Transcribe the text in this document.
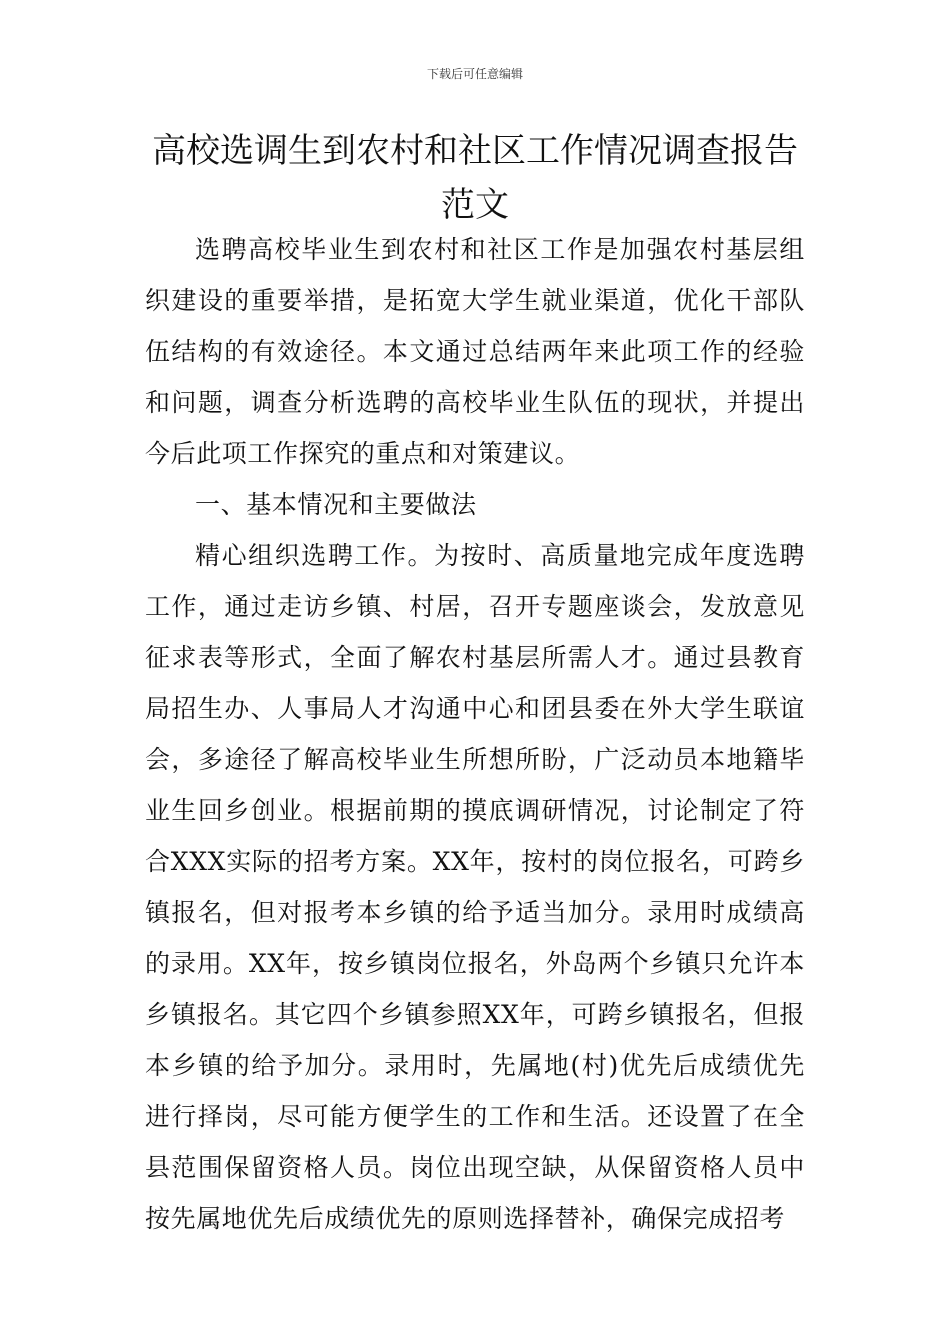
下载后可任意编辑
高校选调生到农村和社区工作情况调查报告范文

选聘高校毕业生到农村和社区工作是加强农村基层组织建设的重要举措，是拓宽大学生就业渠道，优化干部队伍结构的有效途径。本文通过总结两年来此项工作的经验和问题，调查分析选聘的高校毕业生队伍的现状，并提出今后此项工作探究的重点和对策建议。

一、基本情况和主要做法

精心组织选聘工作。为按时、高质量地完成年度选聘工作，通过走访乡镇、村居，召开专题座谈会，发放意见征求表等形式，全面了解农村基层所需人才。通过县教育局招生办、人事局人才沟通中心和团县委在外大学生联谊会，多途径了解高校毕业生所想所盼，广泛动员本地籍毕业生回乡创业。根据前期的摸底调研情况，讨论制定了符合XXX实际的招考方案。XX年，按村的岗位报名，可跨乡镇报名，但对报考本乡镇的给予适当加分。录用时成绩高的录用。XX年，按乡镇岗位报名，外岛两个乡镇只允许本乡镇报名。其它四个乡镇参照XX年，可跨乡镇报名，但报本乡镇的给予加分。录用时，先属地(村)优先后成绩优先进行择岗，尽可能方便学生的工作和生活。还设置了在全县范围保留资格人员。岗位出现空缺，从保留资格人员中按先属地优先后成绩优先的原则选择替补，确保完成招考
